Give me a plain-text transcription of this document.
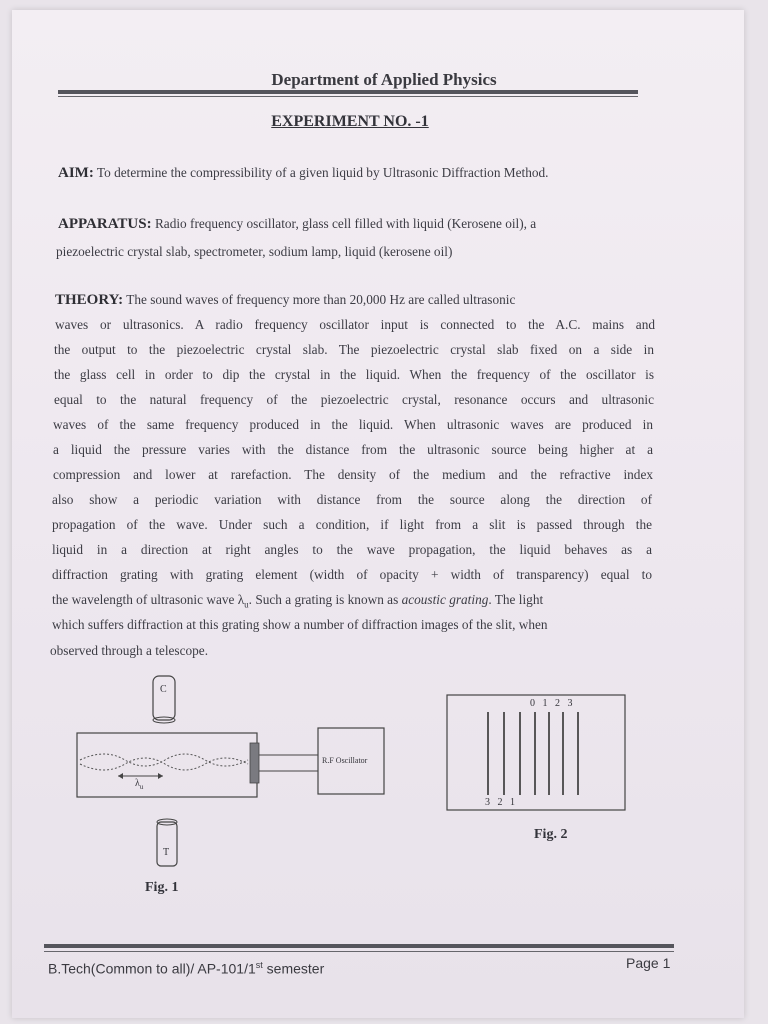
Department of Applied Physics
EXPERIMENT NO. -1
AIM: To determine the compressibility of a given liquid by Ultrasonic Diffraction Method.
APPARATUS: Radio frequency oscillator, glass cell filled with liquid (Kerosene oil), a
piezoelectric crystal slab, spectrometer, sodium lamp, liquid (kerosene oil)
THEORY: The sound waves of frequency more than 20,000 Hz are called ultrasonic
waves or ultrasonics. A radio frequency oscillator input is connected to the A.C. mains and
the output to the piezoelectric crystal slab. The piezoelectric crystal slab fixed on a side in
the glass cell in order to dip the crystal in the liquid. When the frequency of the oscillator is
equal to the natural frequency of the piezoelectric crystal, resonance occurs and ultrasonic
waves of the same frequency produced in the liquid. When ultrasonic waves are produced in
a liquid the pressure varies with the distance from the ultrasonic source being higher at a
compression and lower at rarefaction. The density of the medium and the refractive index
also show a periodic variation with distance from the source along the direction of
propagation of the wave. Under such a condition, if light from a slit is passed through the
liquid in a direction at right angles to the wave propagation, the liquid behaves as a
diffraction grating with grating element (width of opacity + width of transparency) equal to
the wavelength of ultrasonic wave $\lambda_u$. Such a grating is known as acoustic grating. The light
which suffers diffraction at this grating show a number of diffraction images of the slit, when
observed through a telescope.
C
T
R.F Oscillator
$\lambda_u$
Fig. 1
0   1   2   3
3   2   1
Fig. 2
B.Tech(Common to all)/ AP-101/1st semester	Page 1
